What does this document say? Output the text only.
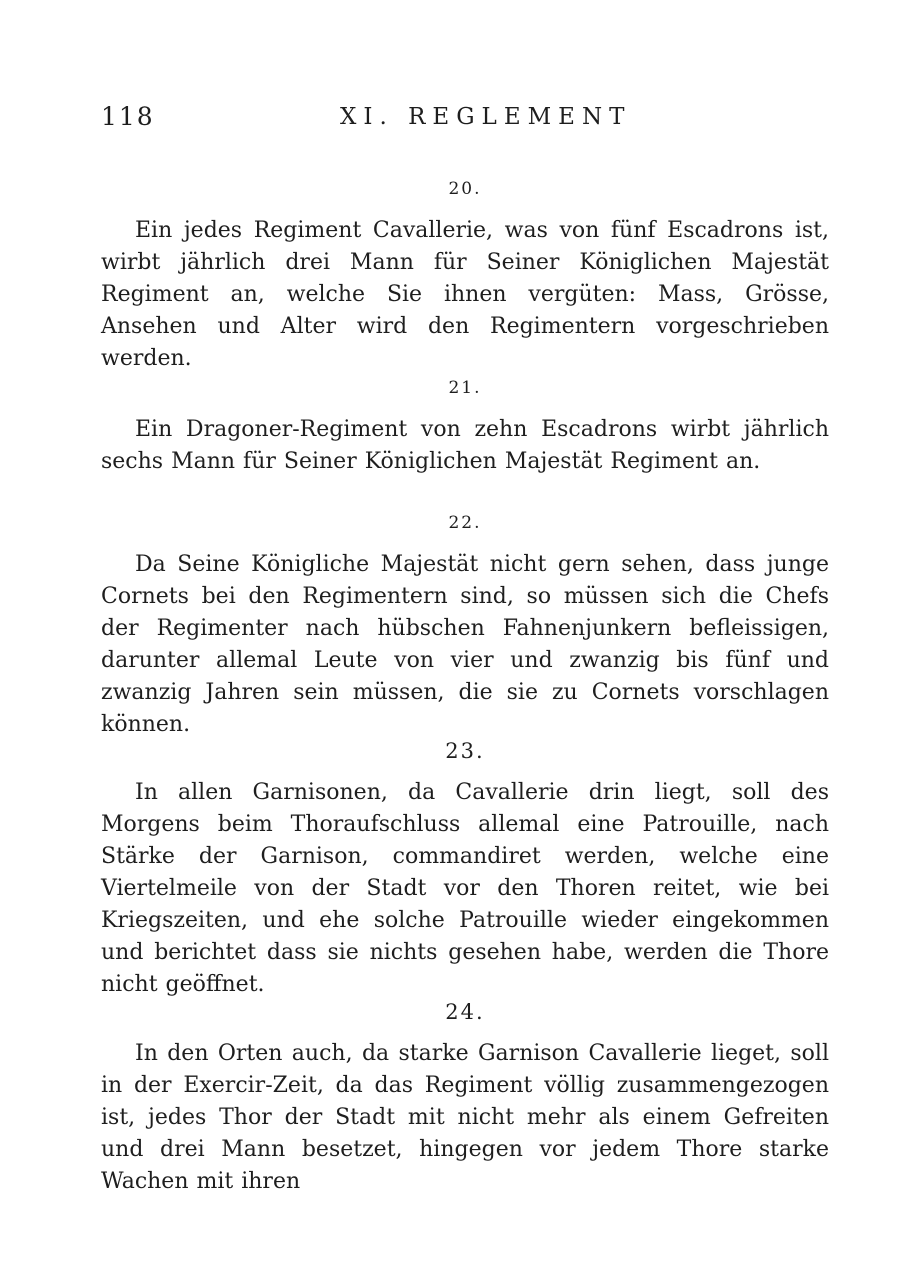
118	XI. REGLEMENT

20.

Ein jedes Regiment Cavallerie, was von fünf Escadrons ist, wirbt jährlich drei Mann für Seiner Königlichen Majestät Regiment an, welche Sie ihnen vergüten: Mass, Grösse, Ansehen und Alter wird den Regimentern vorgeschrieben werden.

21.

Ein Dragoner-Regiment von zehn Escadrons wirbt jährlich sechs Mann für Seiner Königlichen Majestät Regiment an.

22.

Da Seine Königliche Majestät nicht gern sehen, dass junge Cornets bei den Regimentern sind, so müssen sich die Chefs der Regimenter nach hübschen Fahnenjunkern befleissigen, darunter allemal Leute von vier und zwanzig bis fünf und zwanzig Jahren sein müssen, die sie zu Cornets vorschlagen können.

23.

In allen Garnisonen, da Cavallerie drin liegt, soll des Morgens beim Thoraufschluss allemal eine Patrouille, nach Stärke der Garnison, commandiret werden, welche eine Viertelmeile von der Stadt vor den Thoren reitet, wie bei Kriegszeiten, und ehe solche Patrouille wieder eingekommen und berichtet dass sie nichts gesehen habe, werden die Thore nicht geöffnet.

24.

In den Orten auch, da starke Garnison Cavallerie lieget, soll in der Exercir-Zeit, da das Regiment völlig zusammengezogen ist, jedes Thor der Stadt mit nicht mehr als einem Gefreiten und drei Mann besetzet, hingegen vor jedem Thore starke Wachen mit ihren
